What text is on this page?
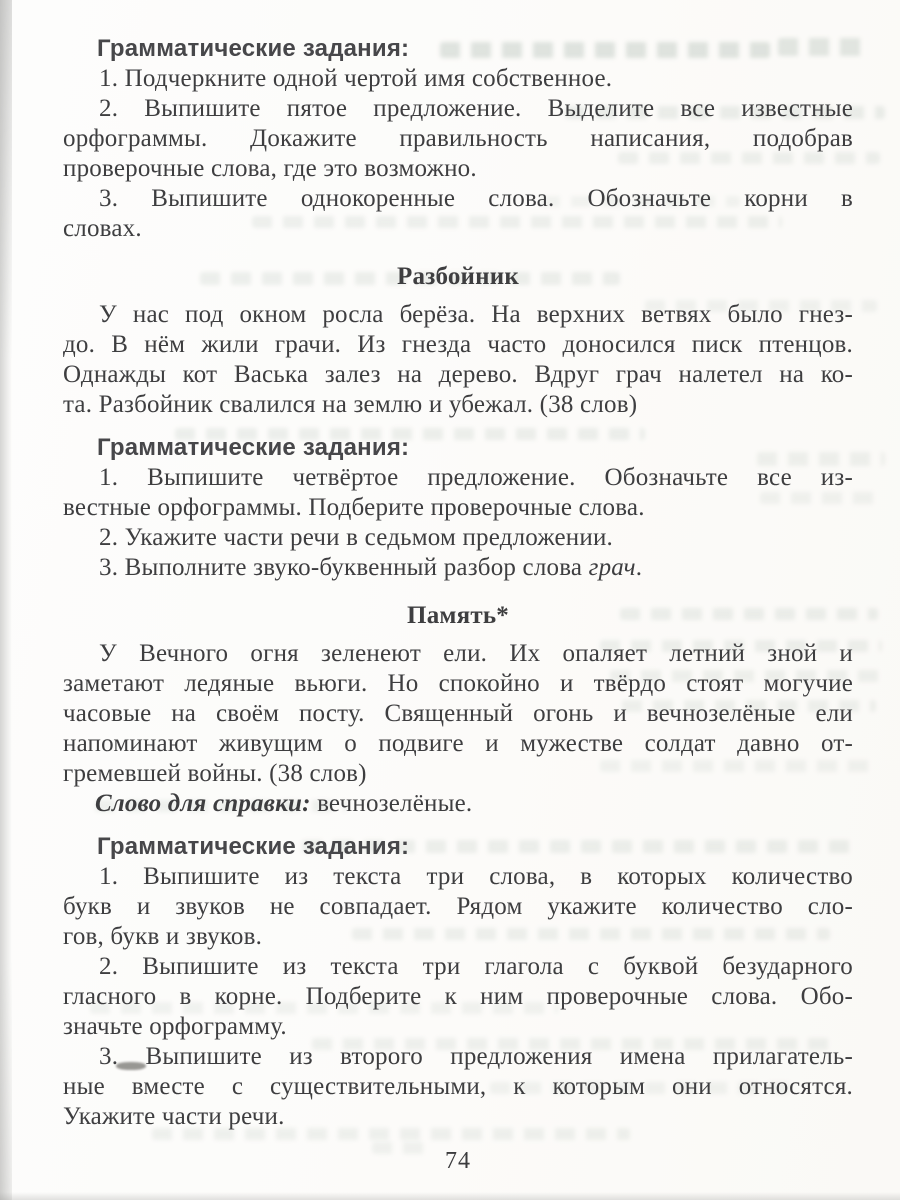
Грамматические задания:

1. Подчеркните одной чертой имя собственное.
2. Выпишите пятое предложение. Выделите все известные
орфограммы. Докажите правильность написания, подобрав
проверочные слова, где это возможно.
3. Выпишите однокоренные слова. Обозначьте корни в
словах.
Разбойник
У нас под окном росла берёза. На верхних ветвях было гнез-
до. В нём жили грачи. Из гнезда часто доносился писк птенцов.
Однажды кот Васька залез на дерево. Вдруг грач налетел на ко-
та. Разбойник свалился на землю и убежал. (38 слов)

Грамматические задания:

1. Выпишите четвёртое предложение. Обозначьте все из-
вестные орфограммы. Подберите проверочные слова.
2. Укажите части речи в седьмом предложении.
3. Выполните звуко-буквенный разбор слова грач.
Память*
У Вечного огня зеленеют ели. Их опаляет летний зной и
заметают ледяные вьюги. Но спокойно и твёрдо стоят могучие
часовые на своём посту. Священный огонь и вечнозелёные ели
напоминают живущим о подвиге и мужестве солдат давно от-
гремевшей войны. (38 слов)

Слово для справки: вечнозелёные.

Грамматические задания:

1. Выпишите из текста три слова, в которых количество
букв и звуков не совпадает. Рядом укажите количество сло-
гов, букв и звуков.
2. Выпишите из текста три глагола с буквой безударного
гласного в корне. Подберите к ним проверочные слова. Обо-
значьте орфограмму.
3. Выпишите из второго предложения имена прилагатель-
ные вместе с существительными, к которым они относятся.
Укажите части речи.
74
